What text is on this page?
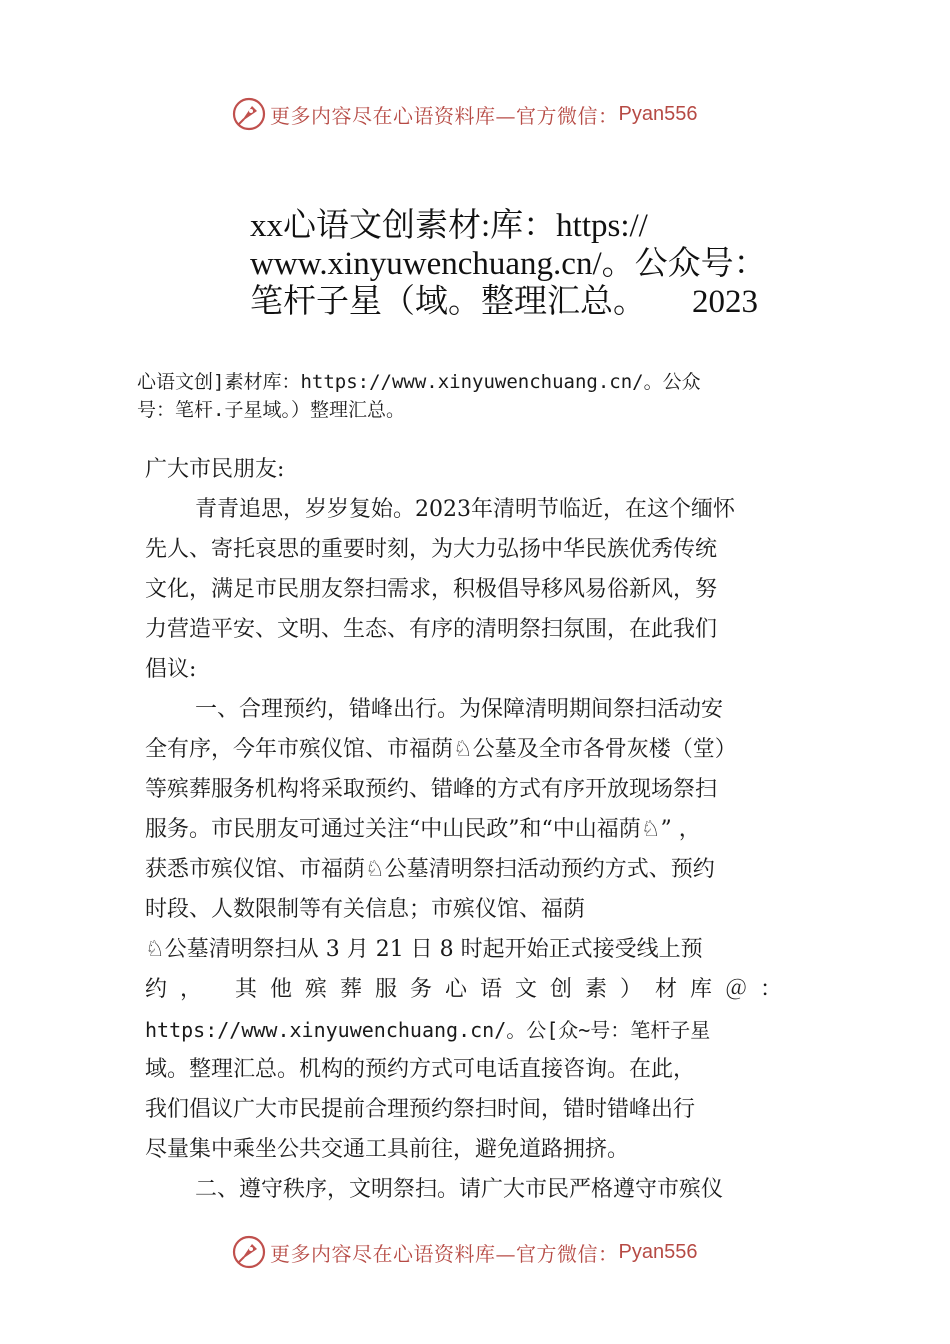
更多内容尽在心语资料库—官方微信： Pyan556
xx心语文创素材:库：https://
www.xinyuwenchuang.cn/。公众号：
笔杆子星（域。整理汇总。 2023
心语文创]素材库：https://www.xinyuwenchuang.cn/。公众
号：笔杆.子星域。）整理汇总。
广大市民朋友:
青青追思，岁岁复始。2023年清明节临近，在这个缅怀
先人、寄托哀思的重要时刻，为大力弘扬中华民族优秀传统
文化，满足市民朋友祭扫需求，积极倡导移风易俗新风，努
力营造平安、文明、生态、有序的清明祭扫氛围，在此我们
倡议:
一、合理预约，错峰出行。为保障清明期间祭扫活动安
全有序，今年市殡仪馆、市福荫♘公墓及全市各骨灰楼（堂）
等殡葬服务机构将采取预约、错峰的方式有序开放现场祭扫
服务。市民朋友可通过关注“中山民政”和“中山福荫♘” ，
获悉市殡仪馆、市福荫♘公墓清明祭扫活动预约方式、预约
时段、人数限制等有关信息；市殡仪馆、福荫
♘公墓清明祭扫从 3 月 21 日 8 时起开始正式接受线上预
约， 其他殡葬服务心语文创素）材库＠：
https://www.xinyuwenchuang.cn/。公[众~号：笔杆子星
域。整理汇总。机构的预约方式可电话直接咨询。在此，
我们倡议广大市民提前合理预约祭扫时间，错时错峰出行
尽量集中乘坐公共交通工具前往，避免道路拥挤。
二、遵守秩序，文明祭扫。请广大市民严格遵守市殡仪
更多内容尽在心语资料库—官方微信： Pyan556
